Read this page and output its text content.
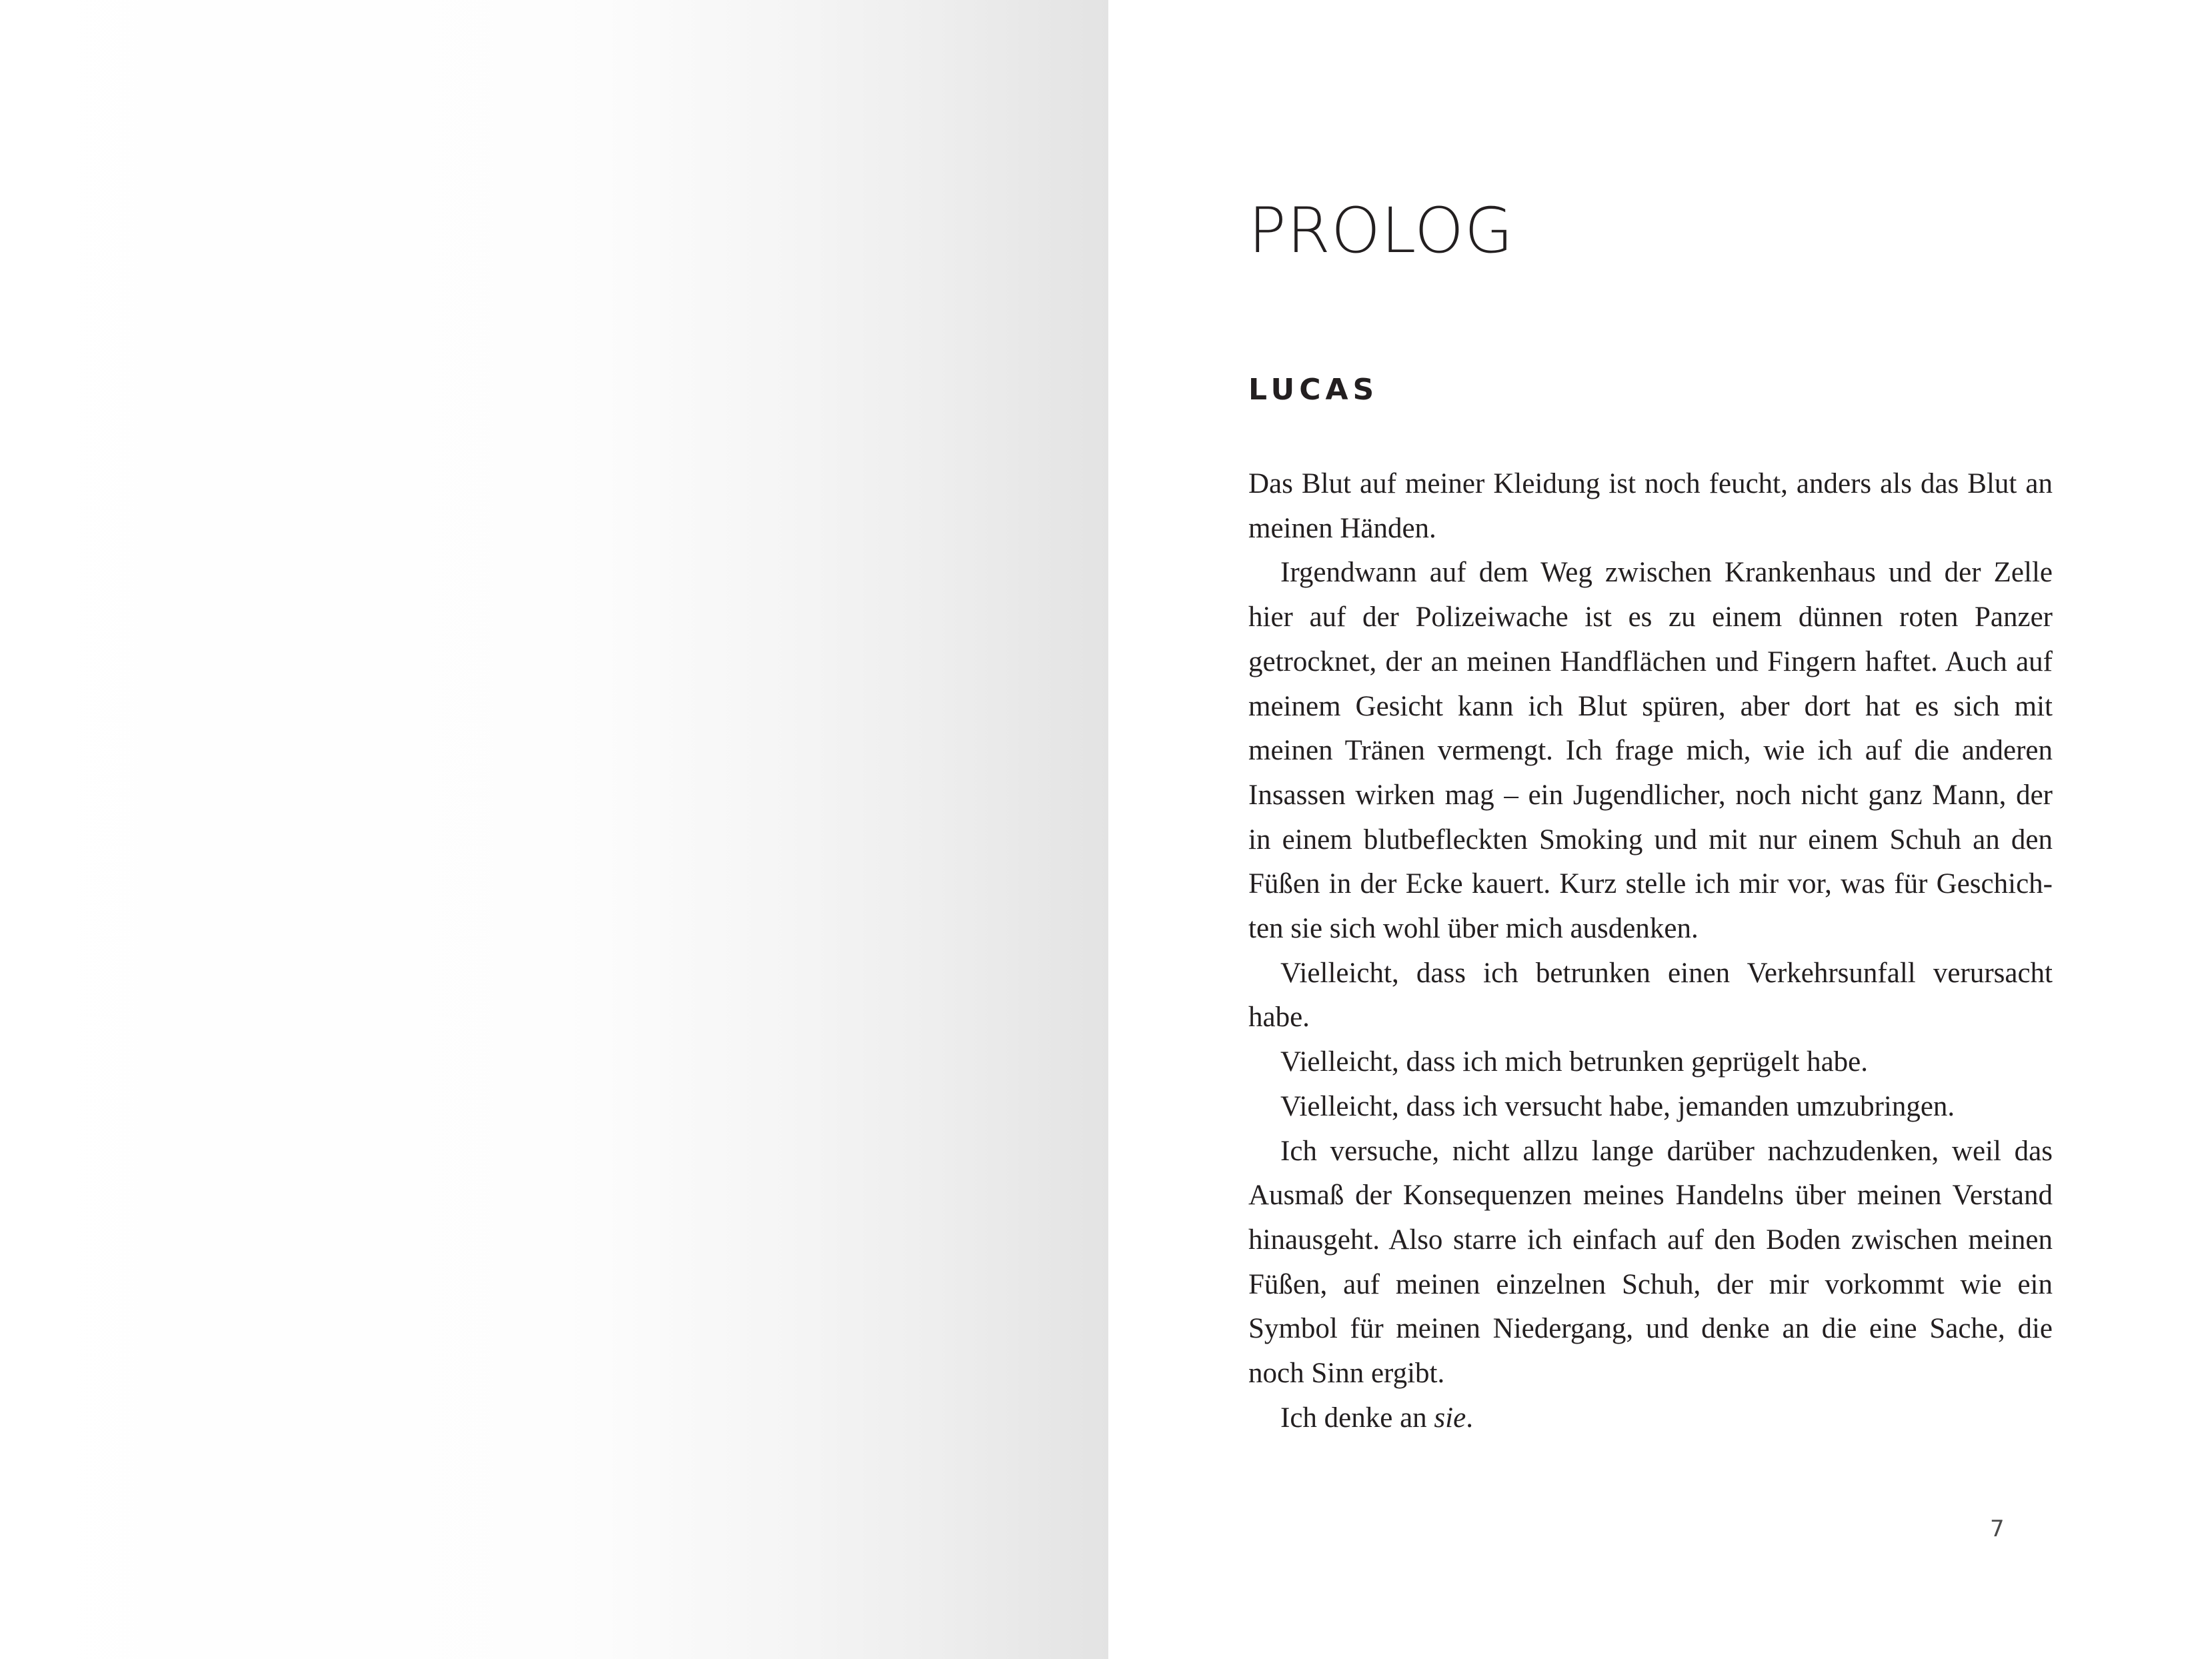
PROLOG
LUCAS

Das Blut auf meiner Kleidung ist noch feucht, anders als das Blut an meinen Händen.

Irgendwann auf dem Weg zwischen Krankenhaus und der Zelle hier auf der Polizeiwache ist es zu einem dünnen roten Panzer getrocknet, der an meinen Handflächen und Fingern haftet. Auch auf meinem Gesicht kann ich Blut spüren, aber dort hat es sich mit meinen Tränen vermengt. Ich frage mich, wie ich auf die anderen Insassen wirken mag – ein Jugendlicher, noch nicht ganz Mann, der in einem blutbefleckten Smoking und mit nur einem Schuh an den Füßen in der Ecke kauert. Kurz stelle ich mir vor, was für Geschichten sie sich wohl über mich ausdenken.

Vielleicht, dass ich betrunken einen Verkehrsunfall verursacht habe.

Vielleicht, dass ich mich betrunken geprügelt habe.

Vielleicht, dass ich versucht habe, jemanden umzubringen.

Ich versuche, nicht allzu lange darüber nachzudenken, weil das Ausmaß der Konsequenzen meines Handelns über meinen Verstand hinausgeht. Also starre ich einfach auf den Boden zwischen meinen Füßen, auf meinen einzelnen Schuh, der mir vorkommt wie ein Symbol für meinen Niedergang, und denke an die eine Sache, die noch Sinn ergibt.

Ich denke an sie.

7
